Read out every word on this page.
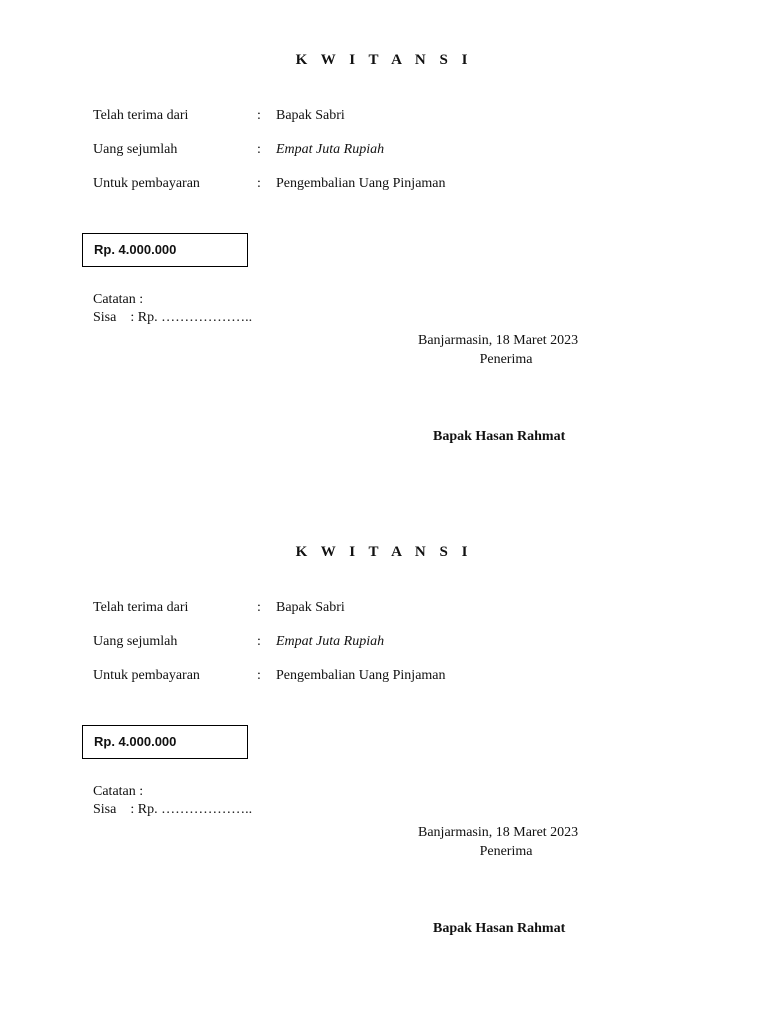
K W I T A N S I
Telah terima dari	: Bapak Sabri
Uang sejumlah	: Empat Juta Rupiah
Untuk pembayaran	: Pengembalian Uang Pinjaman
Rp. 4.000.000
Catatan :
Sisa    : Rp. ………………..
Banjarmasin, 18 Maret 2023
Penerima
Bapak Hasan Rahmat
K W I T A N S I
Telah terima dari	: Bapak Sabri
Uang sejumlah	: Empat Juta Rupiah
Untuk pembayaran	: Pengembalian Uang Pinjaman
Rp. 4.000.000
Catatan :
Sisa    : Rp. ………………..
Banjarmasin, 18 Maret 2023
Penerima
Bapak Hasan Rahmat
